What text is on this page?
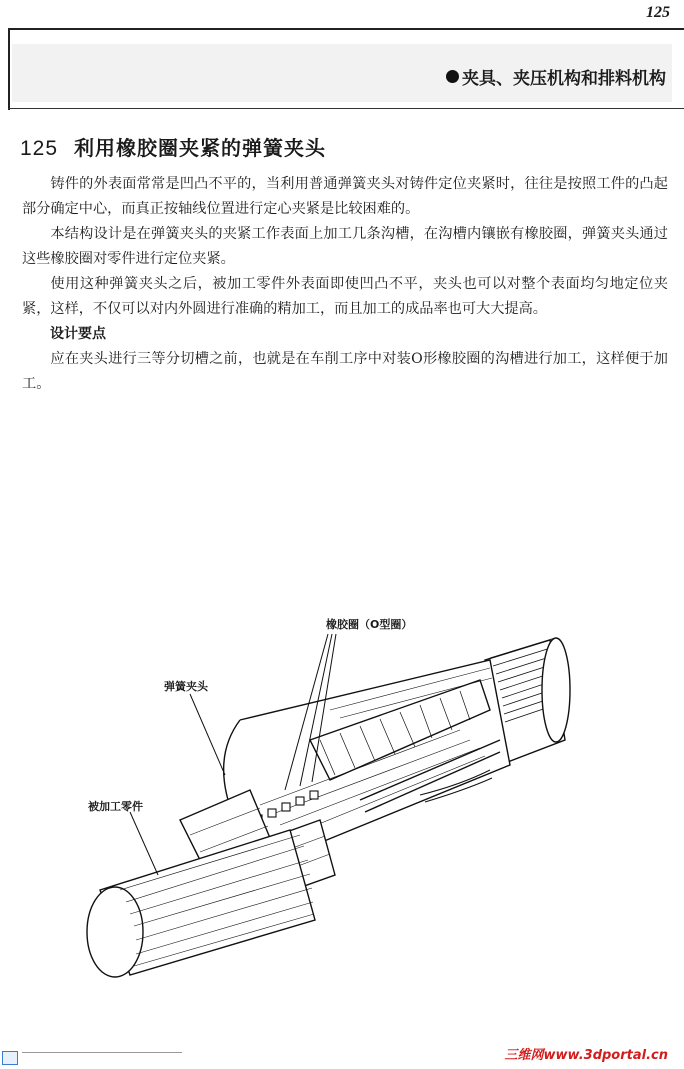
125
夹具、夹压机构和排料机构
125 利用橡胶圈夹紧的弹簧夹头

铸件的外表面常常是凹凸不平的，当利用普通弹簧夹头对铸件定位夹紧时，往往是按照工件的凸起部分确定中心，而真正按轴线位置进行定心夹紧是比较困难的。

本结构设计是在弹簧夹头的夹紧工作表面上加工几条沟槽，在沟槽内镶嵌有橡胶圈，弹簧夹头通过这些橡胶圈对零件进行定位夹紧。

使用这种弹簧夹头之后，被加工零件外表面即使凹凸不平，夹头也可以对整个表面均匀地定位夹紧，这样，不仅可以对内外圆进行准确的精加工，而且加工的成品率也可大大提高。

设计要点

应在夹头进行三等分切槽之前，也就是在车削工序中对装O形橡胶圈的沟槽进行加工，这样便于加工。

橡胶圈（O型圈）
弹簧夹头
被加工零件
三维网www.3dportal.cn
